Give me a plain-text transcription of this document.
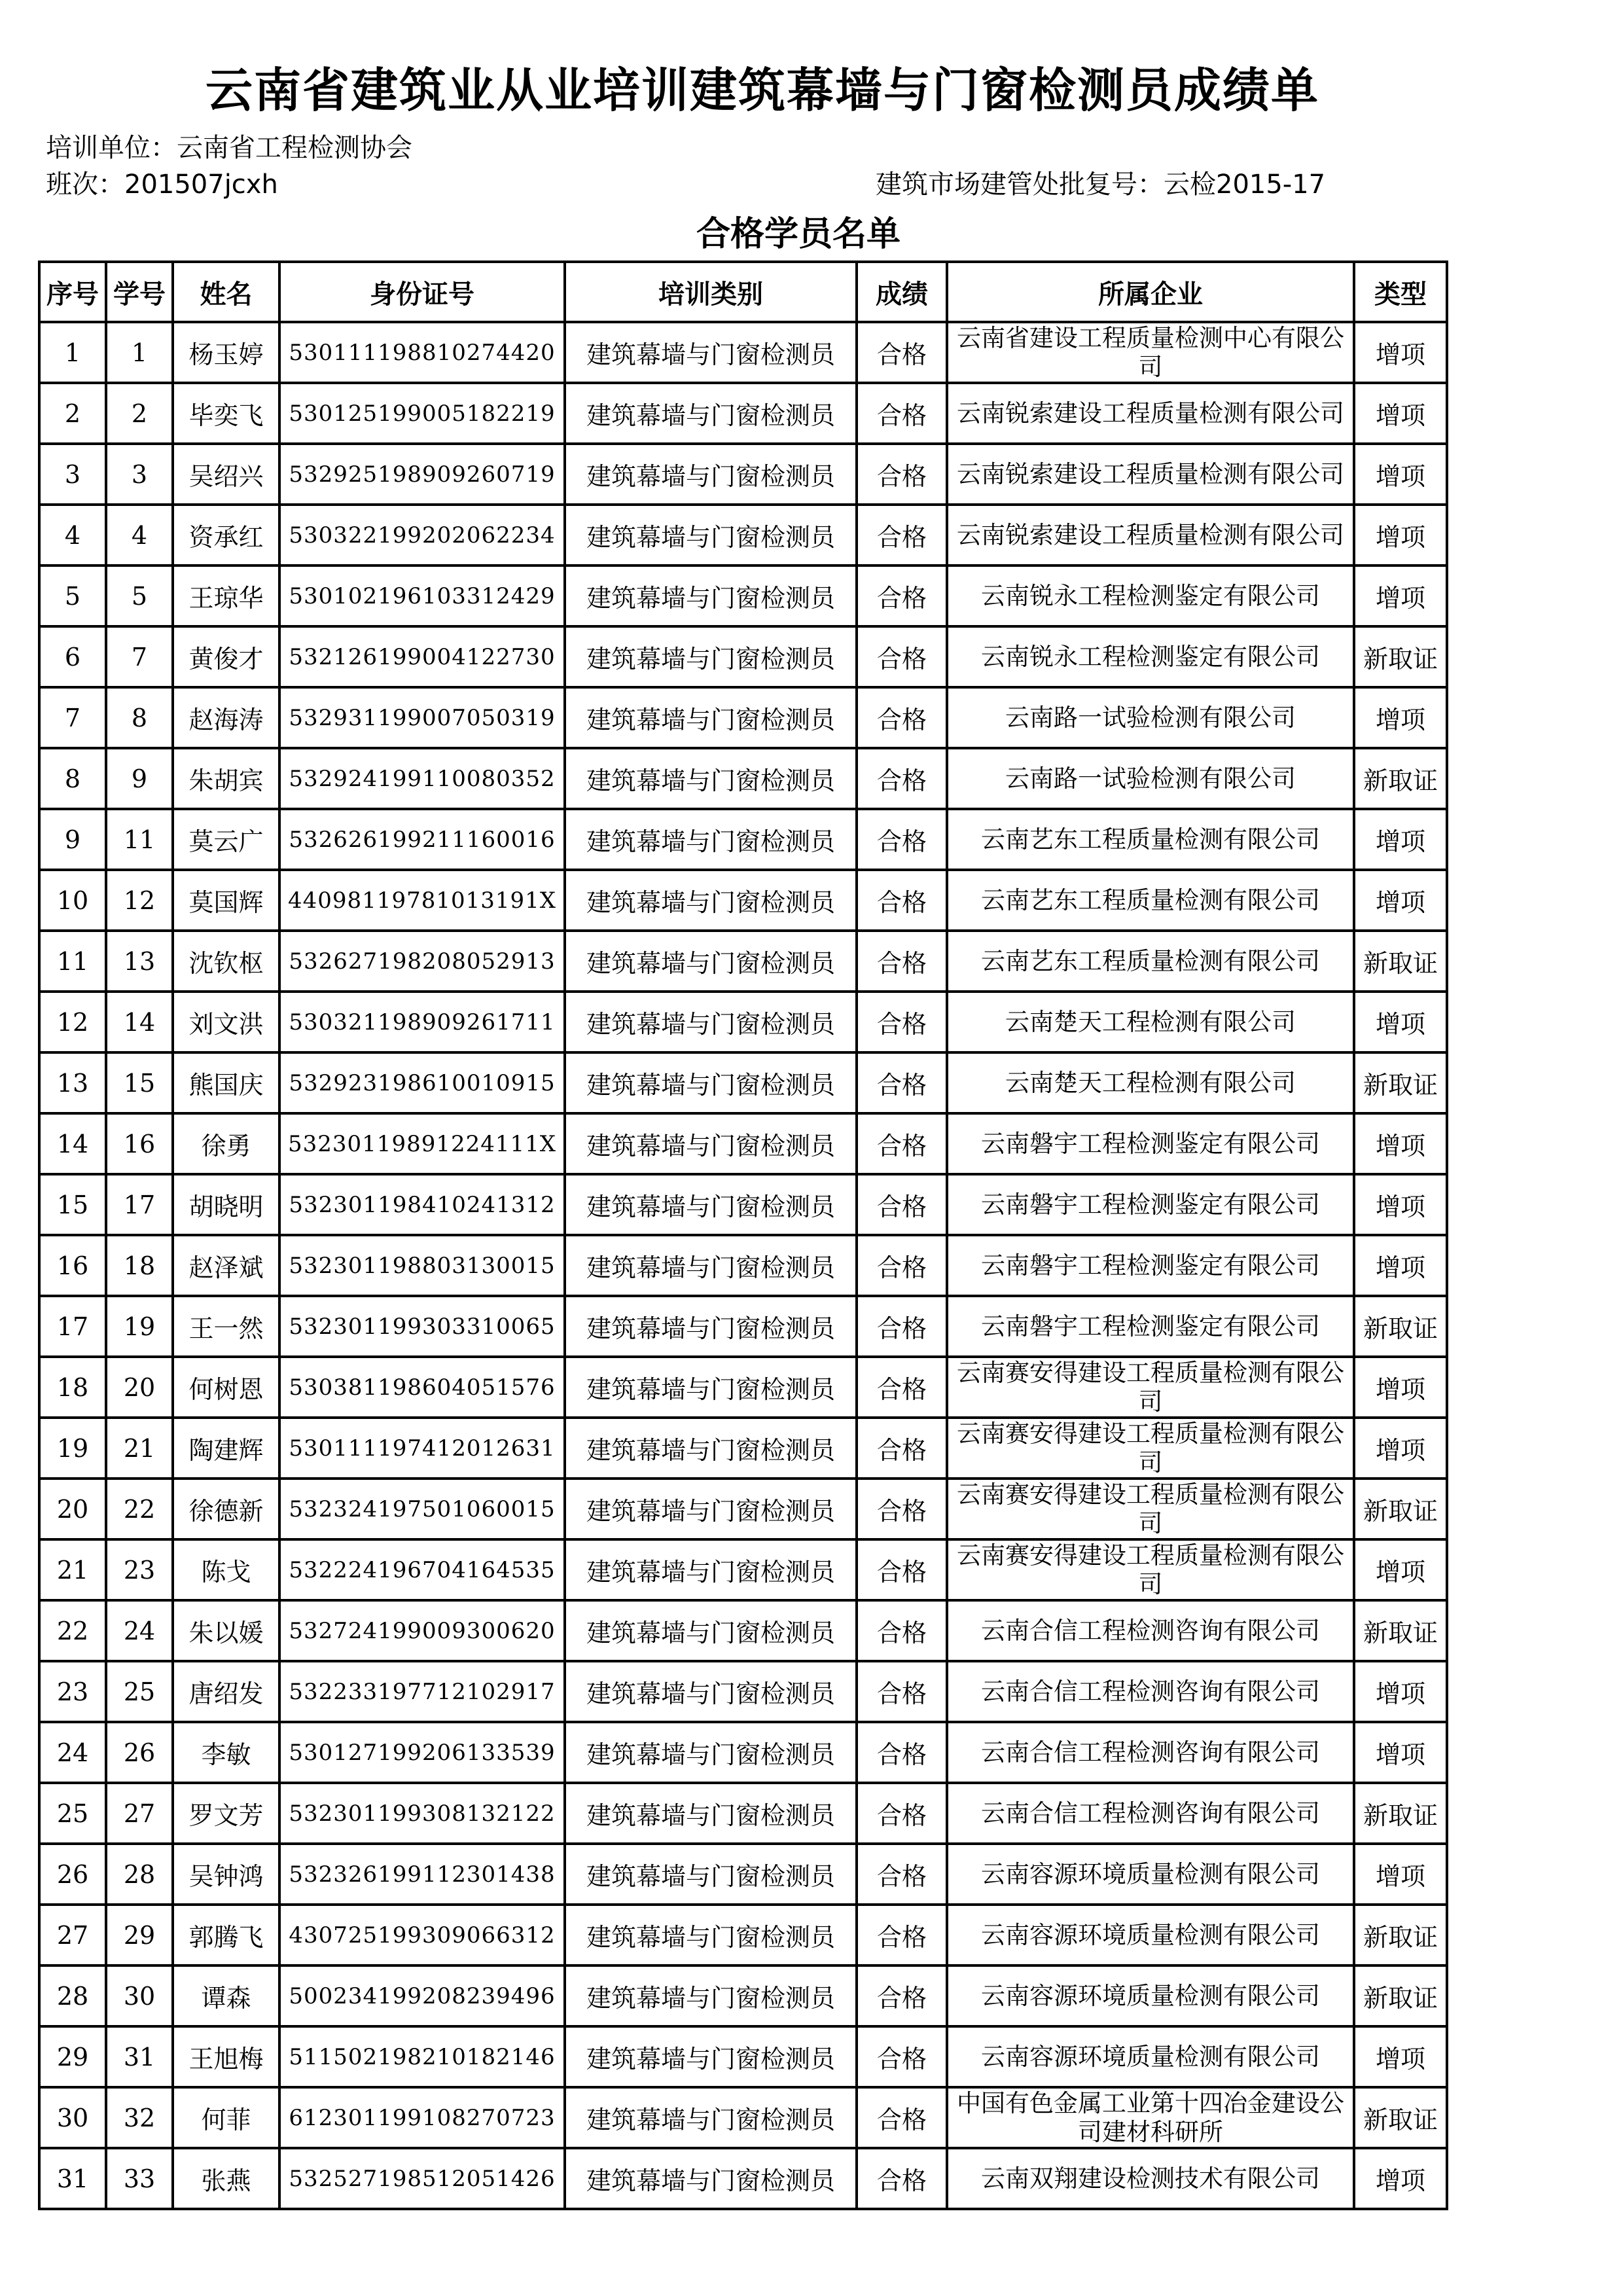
云南省建筑业从业培训建筑幕墙与门窗检测员成绩单
培训单位：云南省工程检测协会
班次：201507jcxh	建筑市场建管处批复号：云检2015-17
合格学员名单
序号	学号	姓名	身份证号	培训类别	成绩	所属企业	类型
1	1	杨玉婷	530111198810274420	建筑幕墙与门窗检测员	合格	云南省建设工程质量检测中心有限公司	增项
2	2	毕奕飞	530125199005182219	建筑幕墙与门窗检测员	合格	云南锐索建设工程质量检测有限公司	增项
3	3	吴绍兴	532925198909260719	建筑幕墙与门窗检测员	合格	云南锐索建设工程质量检测有限公司	增项
4	4	资承红	530322199202062234	建筑幕墙与门窗检测员	合格	云南锐索建设工程质量检测有限公司	增项
5	5	王琼华	530102196103312429	建筑幕墙与门窗检测员	合格	云南锐永工程检测鉴定有限公司	增项
6	7	黄俊才	532126199004122730	建筑幕墙与门窗检测员	合格	云南锐永工程检测鉴定有限公司	新取证
7	8	赵海涛	532931199007050319	建筑幕墙与门窗检测员	合格	云南路一试验检测有限公司	增项
8	9	朱胡宾	532924199110080352	建筑幕墙与门窗检测员	合格	云南路一试验检测有限公司	新取证
9	11	莫云广	532626199211160016	建筑幕墙与门窗检测员	合格	云南艺东工程质量检测有限公司	增项
10	12	莫国辉	44098119781013191X	建筑幕墙与门窗检测员	合格	云南艺东工程质量检测有限公司	增项
11	13	沈钦枢	532627198208052913	建筑幕墙与门窗检测员	合格	云南艺东工程质量检测有限公司	新取证
12	14	刘文洪	530321198909261711	建筑幕墙与门窗检测员	合格	云南楚天工程检测有限公司	增项
13	15	熊国庆	532923198610010915	建筑幕墙与门窗检测员	合格	云南楚天工程检测有限公司	新取证
14	16	徐勇	53230119891224111X	建筑幕墙与门窗检测员	合格	云南磐宇工程检测鉴定有限公司	增项
15	17	胡晓明	532301198410241312	建筑幕墙与门窗检测员	合格	云南磐宇工程检测鉴定有限公司	增项
16	18	赵泽斌	532301198803130015	建筑幕墙与门窗检测员	合格	云南磐宇工程检测鉴定有限公司	增项
17	19	王一然	532301199303310065	建筑幕墙与门窗检测员	合格	云南磐宇工程检测鉴定有限公司	新取证
18	20	何树恩	530381198604051576	建筑幕墙与门窗检测员	合格	云南赛安得建设工程质量检测有限公司	增项
19	21	陶建辉	530111197412012631	建筑幕墙与门窗检测员	合格	云南赛安得建设工程质量检测有限公司	增项
20	22	徐德新	532324197501060015	建筑幕墙与门窗检测员	合格	云南赛安得建设工程质量检测有限公司	新取证
21	23	陈戈	532224196704164535	建筑幕墙与门窗检测员	合格	云南赛安得建设工程质量检测有限公司	增项
22	24	朱以媛	532724199009300620	建筑幕墙与门窗检测员	合格	云南合信工程检测咨询有限公司	新取证
23	25	唐绍发	532233197712102917	建筑幕墙与门窗检测员	合格	云南合信工程检测咨询有限公司	增项
24	26	李敏	530127199206133539	建筑幕墙与门窗检测员	合格	云南合信工程检测咨询有限公司	增项
25	27	罗文芳	532301199308132122	建筑幕墙与门窗检测员	合格	云南合信工程检测咨询有限公司	新取证
26	28	吴钟鸿	532326199112301438	建筑幕墙与门窗检测员	合格	云南容源环境质量检测有限公司	增项
27	29	郭腾飞	430725199309066312	建筑幕墙与门窗检测员	合格	云南容源环境质量检测有限公司	新取证
28	30	谭森	500234199208239496	建筑幕墙与门窗检测员	合格	云南容源环境质量检测有限公司	新取证
29	31	王旭梅	511502198210182146	建筑幕墙与门窗检测员	合格	云南容源环境质量检测有限公司	增项
30	32	何菲	612301199108270723	建筑幕墙与门窗检测员	合格	中国有色金属工业第十四冶金建设公司建材科研所	新取证
31	33	张燕	532527198512051426	建筑幕墙与门窗检测员	合格	云南双翔建设检测技术有限公司	增项
